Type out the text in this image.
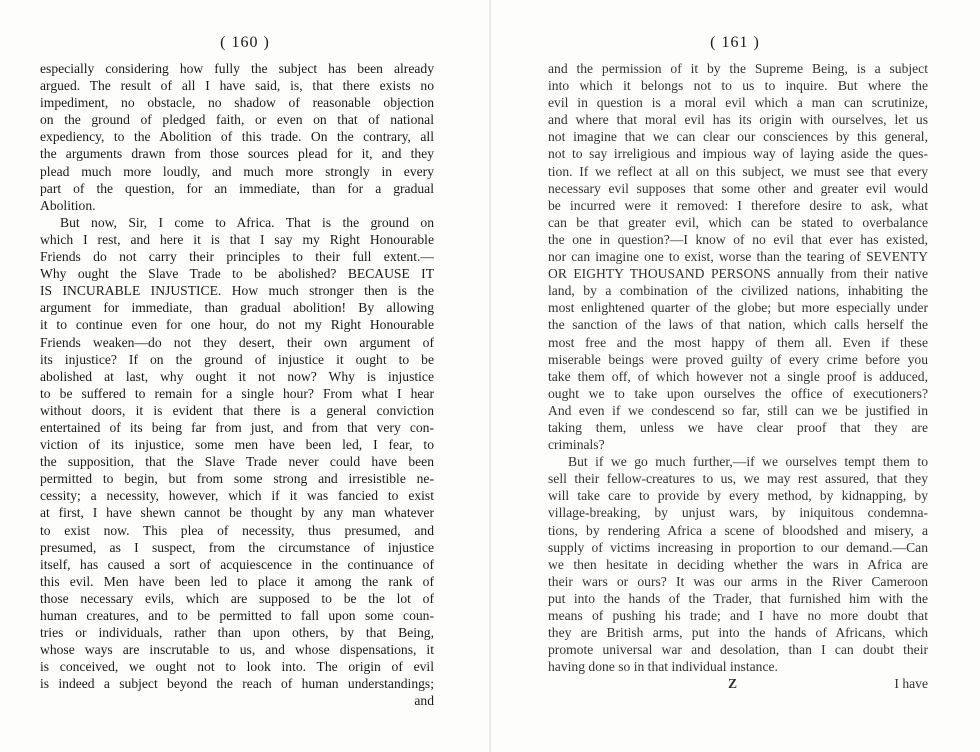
( 160 )
especially considering how fully the subject has been already
argued. The result of all I have said, is, that there exists no
impediment, no obstacle, no shadow of reasonable objection
on the ground of pledged faith, or even on that of national
expediency, to the Abolition of this trade. On the contrary, all
the arguments drawn from those sources plead for it, and they
plead much more loudly, and much more strongly in every
part of the question, for an immediate, than for a gradual
Abolition.
But now, Sir, I come to Africa. That is the ground on
which I rest, and here it is that I say my Right Honourable
Friends do not carry their principles to their full extent.—
Why ought the Slave Trade to be abolished? BECAUSE IT
IS INCURABLE INJUSTICE. How much stronger then is the
argument for immediate, than gradual abolition! By allowing
it to continue even for one hour, do not my Right Honourable
Friends weaken—do not they desert, their own argument of
its injustice? If on the ground of injustice it ought to be
abolished at last, why ought it not now? Why is injustice
to be suffered to remain for a single hour? From what I hear
without doors, it is evident that there is a general conviction
entertained of its being far from just, and from that very con-
viction of its injustice, some men have been led, I fear, to
the supposition, that the Slave Trade never could have been
permitted to begin, but from some strong and irresistible ne-
cessity; a necessity, however, which if it was fancied to exist
at first, I have shewn cannot be thought by any man whatever
to exist now. This plea of necessity, thus presumed, and
presumed, as I suspect, from the circumstance of injustice
itself, has caused a sort of acquiescence in the continuance of
this evil. Men have been led to place it among the rank of
those necessary evils, which are supposed to be the lot of
human creatures, and to be permitted to fall upon some coun-
tries or individuals, rather than upon others, by that Being,
whose ways are inscrutable to us, and whose dispensations, it
is conceived, we ought not to look into. The origin of evil
is indeed a subject beyond the reach of human understandings;
and
( 161 )
and the permission of it by the Supreme Being, is a subject
into which it belongs not to us to inquire. But where the
evil in question is a moral evil which a man can scrutinize,
and where that moral evil has its origin with ourselves, let us
not imagine that we can clear our consciences by this general,
not to say irreligious and impious way of laying aside the ques-
tion. If we reflect at all on this subject, we must see that every
necessary evil supposes that some other and greater evil would
be incurred were it removed: I therefore desire to ask, what
can be that greater evil, which can be stated to overbalance
the one in question?—I know of no evil that ever has existed,
nor can imagine one to exist, worse than the tearing of SEVENTY
OR EIGHTY THOUSAND PERSONS annually from their native
land, by a combination of the civilized nations, inhabiting the
most enlightened quarter of the globe; but more especially under
the sanction of the laws of that nation, which calls herself the
most free and the most happy of them all. Even if these
miserable beings were proved guilty of every crime before you
take them off, of which however not a single proof is adduced,
ought we to take upon ourselves the office of executioners?
And even if we condescend so far, still can we be justified in
taking them, unless we have clear proof that they are
criminals?
But if we go much further,—if we ourselves tempt them to
sell their fellow-creatures to us, we may rest assured, that they
will take care to provide by every method, by kidnapping, by
village-breaking, by unjust wars, by iniquitous condemna-
tions, by rendering Africa a scene of bloodshed and misery, a
supply of victims increasing in proportion to our demand.—Can
we then hesitate in deciding whether the wars in Africa are
their wars or ours? It was our arms in the River Cameroon
put into the hands of the Trader, that furnished him with the
means of pushing his trade; and I have no more doubt that
they are British arms, put into the hands of Africans, which
promote universal war and desolation, than I can doubt their
having done so in that individual instance.
Z	I have
